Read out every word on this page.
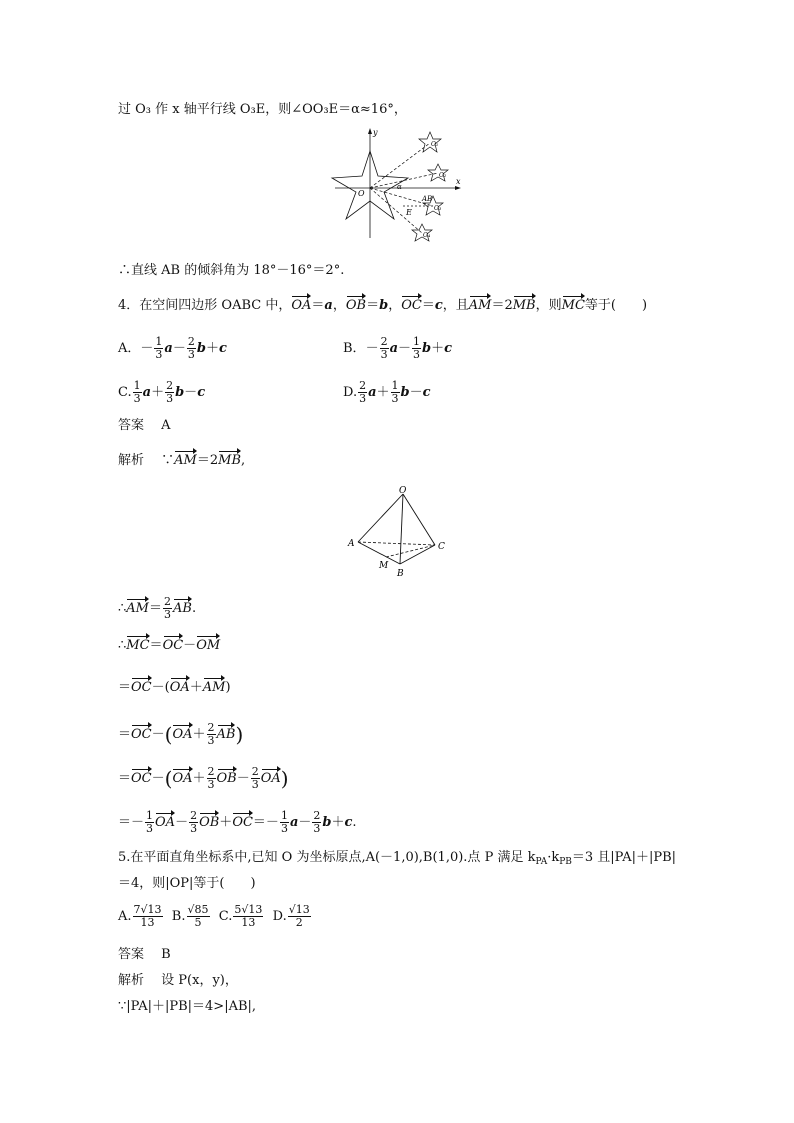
过 O₃ 作 x 轴平行线 O₃E，则∠OO₃E＝α≈16°，
y
x
O
α
E
AB
O₁
O₂
O₃
O₄
∴直线 AB 的倾斜角为 18°－16°＝2°.
4．在空间四边形 OABC 中，OA＝a，OB＝b，OC＝c，且AM＝2MB，则MC等于(　　)
A．－ $\frac{1}{3} a- \frac{2}{3} b+c$	B．－ $\frac{2}{3} a- \frac{1}{3} b+c$
C. $\frac{1}{3} a+ \frac{2}{3} b-c$	D. $\frac{2}{3} a+ \frac{1}{3} b-c$
答案　 A
解析　 ∵AM＝2MB,
O
A
B
C
M
∴AM＝ $\frac{2}{3}$ AB.
∴MC＝OC－OM
＝OC－(OA＋AM)
$=OC-(OA+ \frac{2}{3} AB)$
$=OC-(OA+ \frac{2}{3} OB- \frac{2}{3} OA)$
＝－ $\frac{1}{3} OA- \frac{2}{3} OB+OC=- \frac{1}{3} a- \frac{2}{3} b+c$.
5.在平面直角坐标系中,已知 O 为坐标原点,A(－1,0),B(1,0).点 P 满足 $k_{PA}\cdot k_{PB}=3$ 且|PA|＋|PB|
＝4，则|OP|等于(　　)
A. $\frac{7√13}{13} B$. $\frac{√85}{5} C$. $\frac{5√13}{13} D$. $\frac{√13}{2}$
答案　 B
解析　 设 P(x，y)，
∵|PA|＋|PB|＝4>|AB|,
